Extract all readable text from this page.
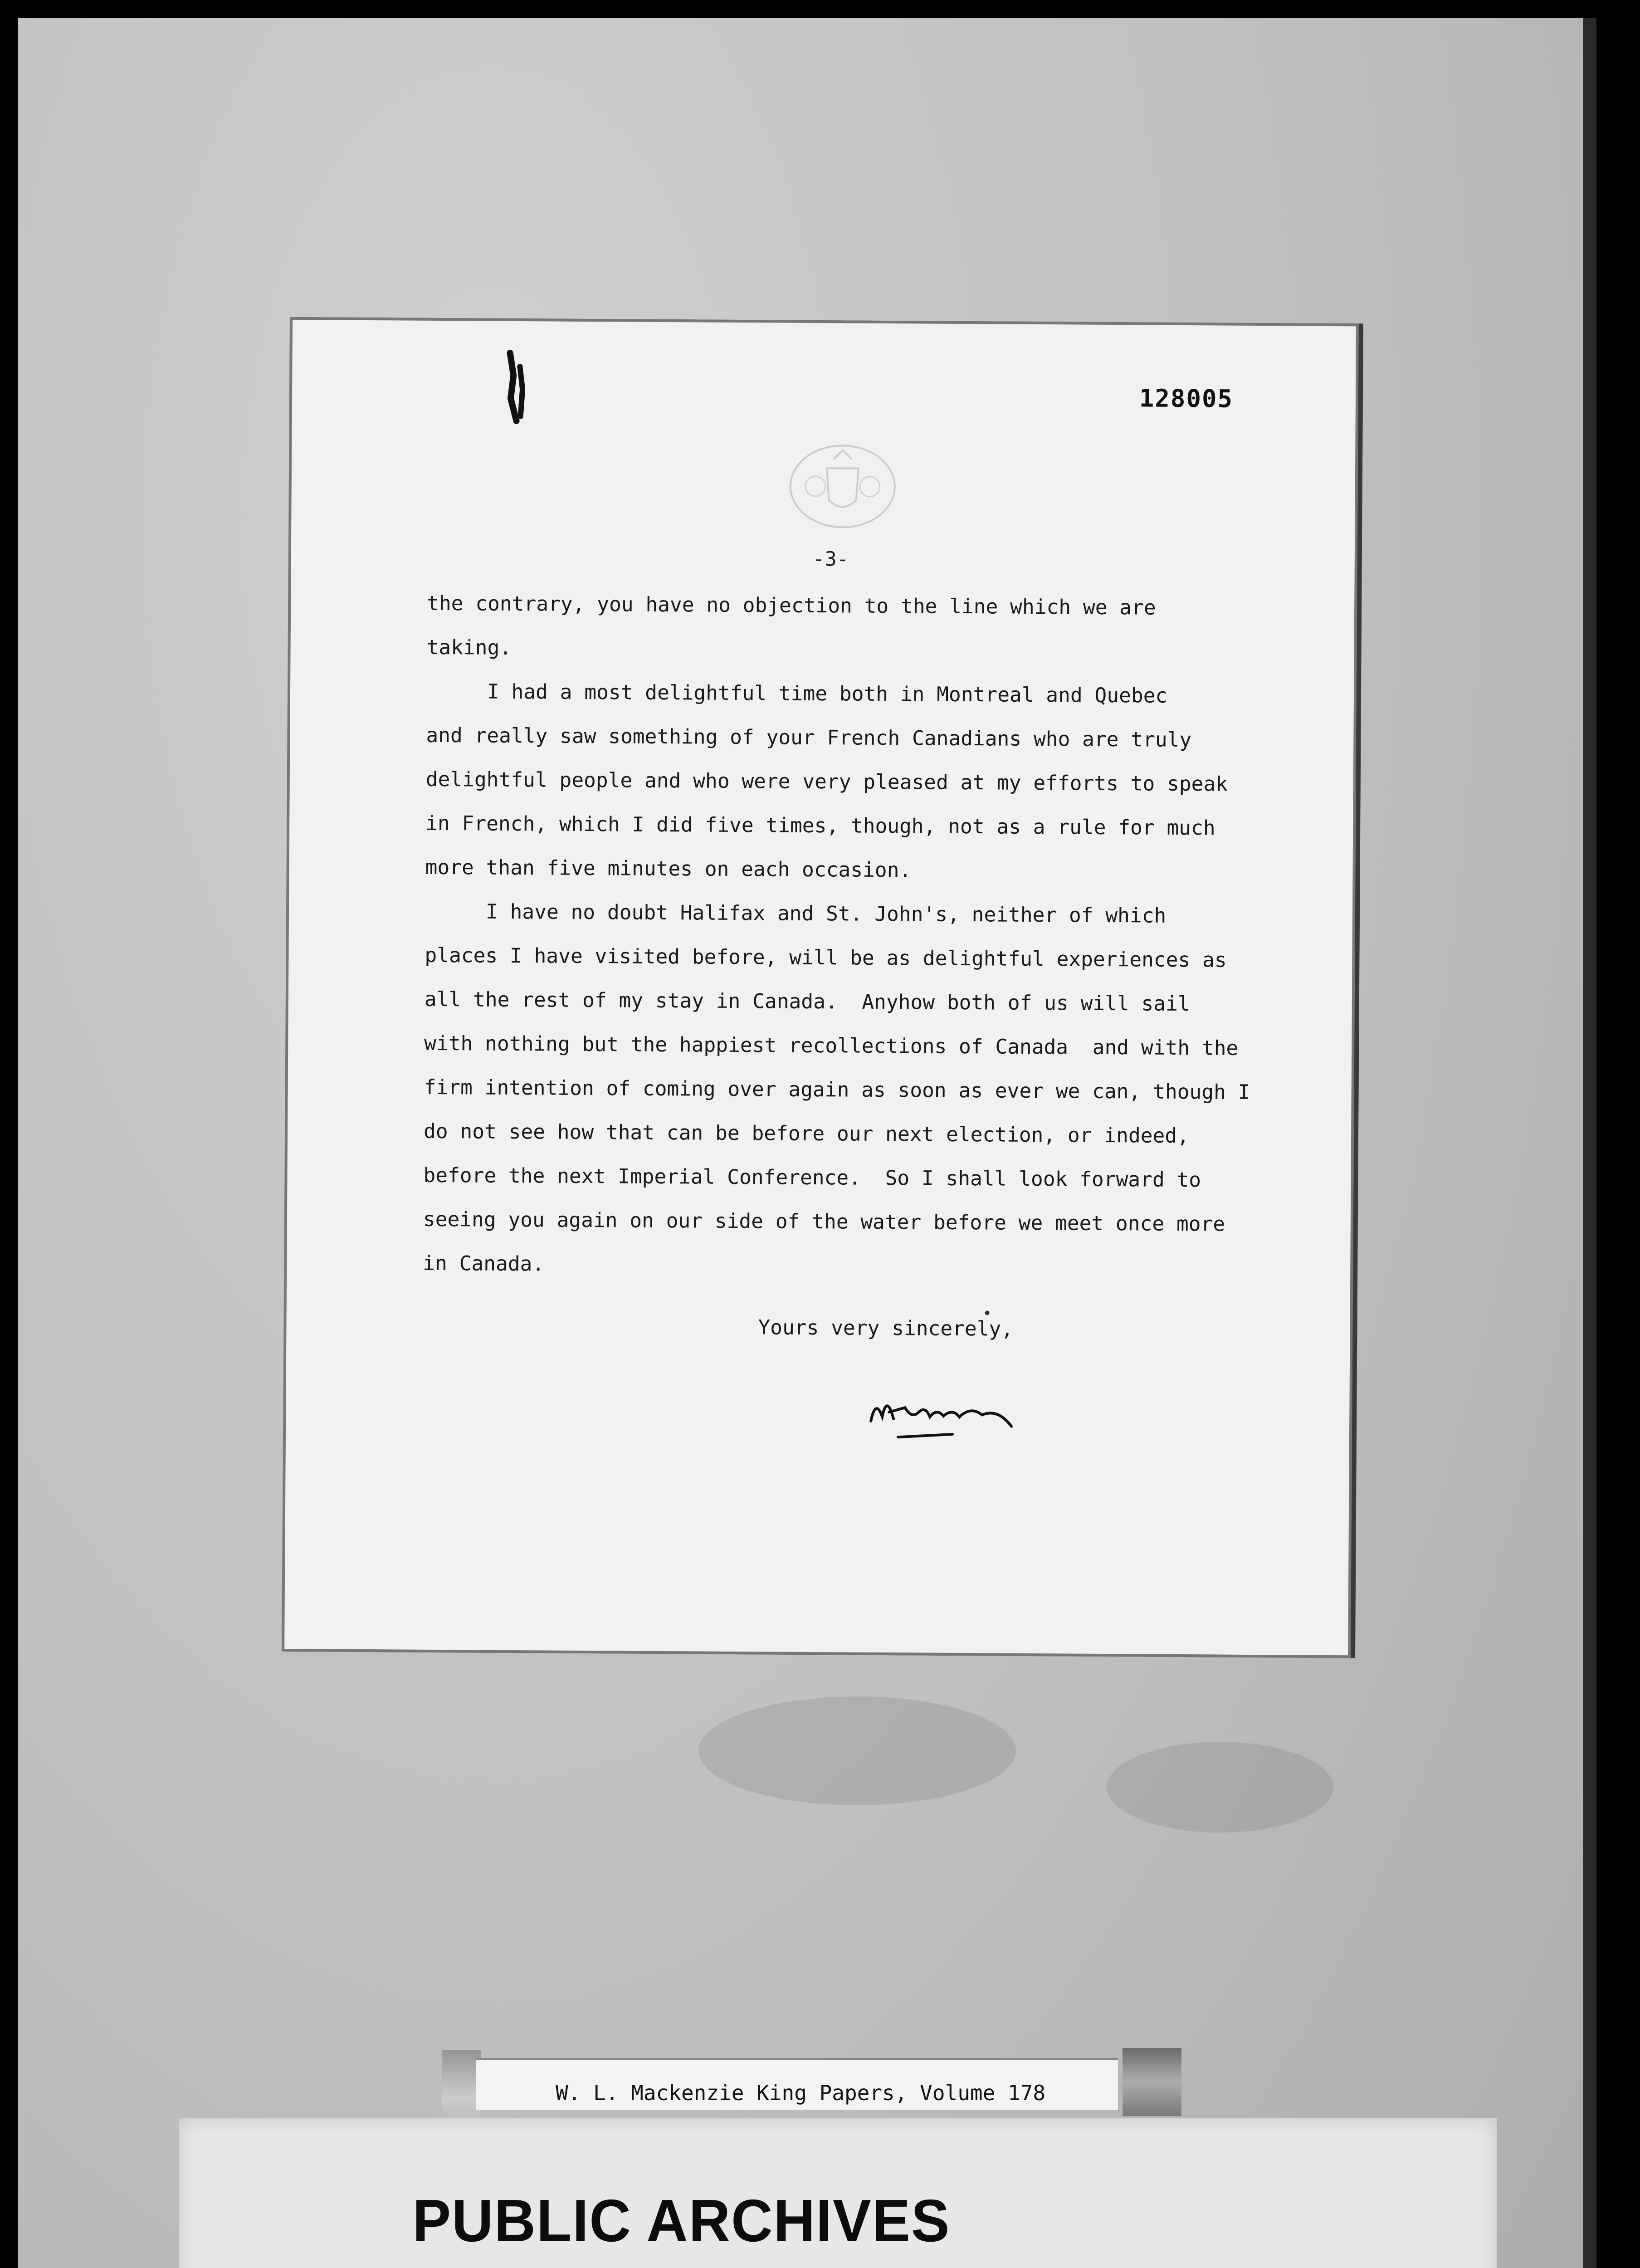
128005
-3-

the contrary, you have no objection to the line which we are
taking.

I had a most delightful time both in Montreal and Quebec
and really saw something of your French Canadians who are truly
delightful people and who were very pleased at my efforts to speak
in French, which I did five times, though, not as a rule for much
more than five minutes on each occasion.

I have no doubt Halifax and St. John's, neither of which
places I have visited before, will be as delightful experiences as
all the rest of my stay in Canada.  Anyhow both of us will sail
with nothing but the happiest recollections of Canada  and with the
firm intention of coming over again as soon as ever we can, though I
do not see how that can be before our next election, or indeed,
before the next Imperial Conference.  So I shall look forward to
seeing you again on our side of the water before we meet once more
in Canada.

Yours very sincerely,
W. L. Mackenzie King Papers, Volume 178
PUBLIC ARCHIVES
